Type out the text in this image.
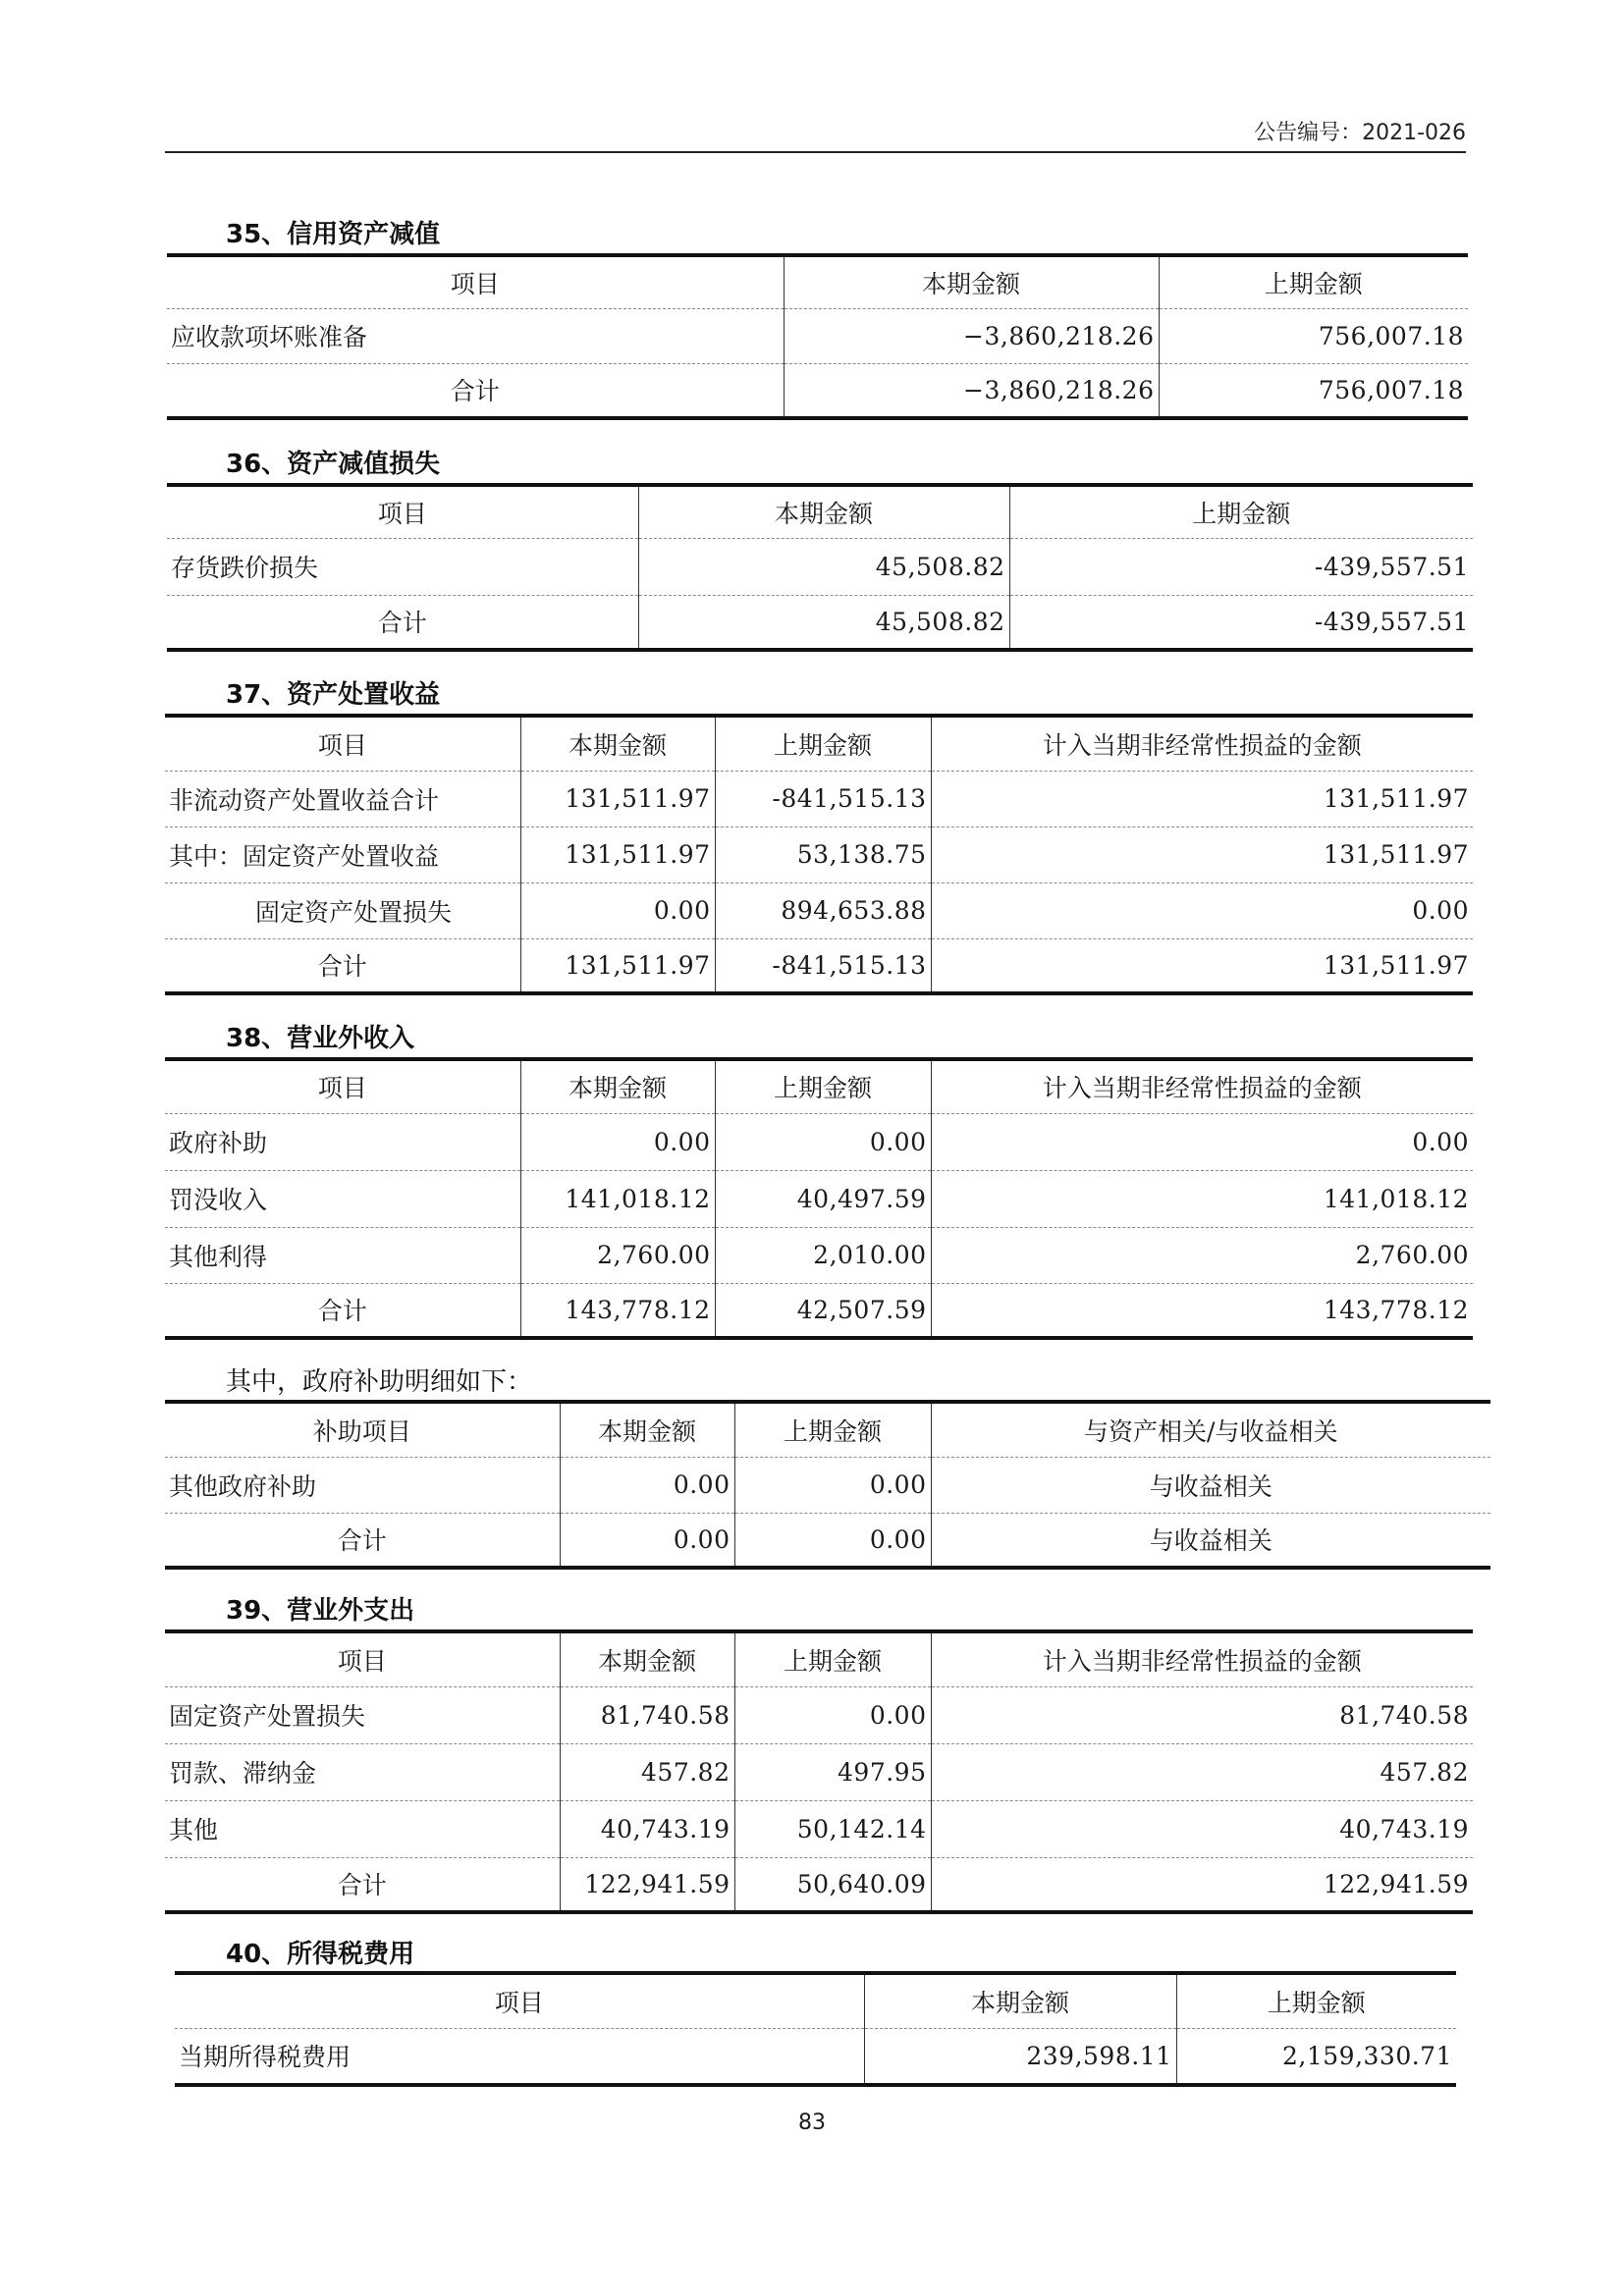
公告编号：2021-026
35、信用资产减值
项目	本期金额	上期金额
应收款项坏账准备	−3,860,218.26	756,007.18
合计	−3,860,218.26	756,007.18
36、资产减值损失
项目	本期金额	上期金额
存货跌价损失	45,508.82	-439,557.51
合计	45,508.82	-439,557.51
37、资产处置收益
项目	本期金额	上期金额	计入当期非经常性损益的金额
非流动资产处置收益合计	131,511.97	-841,515.13	131,511.97
其中：固定资产处置收益	131,511.97	53,138.75	131,511.97
固定资产处置损失	0.00	894,653.88	0.00
合计	131,511.97	-841,515.13	131,511.97
38、营业外收入
项目	本期金额	上期金额	计入当期非经常性损益的金额
政府补助	0.00	0.00	0.00
罚没收入	141,018.12	40,497.59	141,018.12
其他利得	2,760.00	2,010.00	2,760.00
合计	143,778.12	42,507.59	143,778.12
其中，政府补助明细如下：
补助项目	本期金额	上期金额	与资产相关/与收益相关
其他政府补助	0.00	0.00	与收益相关
合计	0.00	0.00	与收益相关
39、营业外支出
项目	本期金额	上期金额	计入当期非经常性损益的金额
固定资产处置损失	81,740.58	0.00	81,740.58
罚款、滞纳金	457.82	497.95	457.82
其他	40,743.19	50,142.14	40,743.19
合计	122,941.59	50,640.09	122,941.59
40、所得税费用
项目	本期金额	上期金额
当期所得税费用	239,598.11	2,159,330.71
83
